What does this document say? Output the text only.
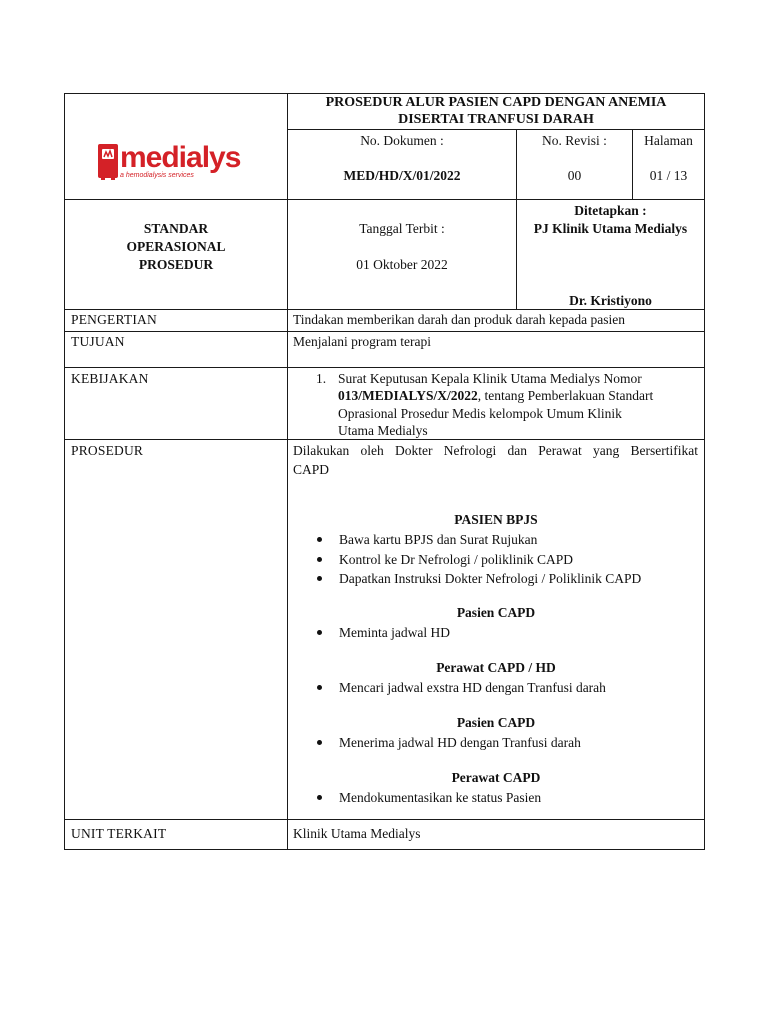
medialys
a hemodialysis services
PROSEDUR ALUR PASIEN CAPD DENGAN ANEMIA
DISERTAI TRANFUSI DARAH
No. Dokumen :
MED/HD/X/01/2022
No. Revisi :
00
Halaman
01 / 13
STANDAR
OPERASIONAL
PROSEDUR
Tanggal Terbit :
01 Oktober 2022
Ditetapkan :
PJ Klinik Utama Medialys
Dr. Kristiyono
PENGERTIAN
TUJUAN
KEBIJAKAN
PROSEDUR
UNIT TERKAIT
Tindakan memberikan darah dan produk darah kepada pasien
Menjalani program terapi
1. Surat Keputusan Kepala Klinik Utama Medialys Nomor
013/MEDIALYS/X/2022, tentang Pemberlakuan Standart
Oprasional Prosedur Medis kelompok Umum Klinik
Utama Medialys
Dilakukan oleh Dokter Nefrologi dan Perawat yang Bersertifikat
CAPD
PASIEN BPJS
Bawa kartu BPJS dan Surat Rujukan
Kontrol ke Dr Nefrologi / poliklinik CAPD
Dapatkan Instruksi Dokter Nefrologi / Poliklinik CAPD
Pasien CAPD
Meminta jadwal HD
Perawat CAPD / HD
Mencari jadwal exstra HD dengan Tranfusi darah
Pasien CAPD
Menerima jadwal HD dengan Tranfusi darah
Perawat CAPD
Mendokumentasikan ke status Pasien
Klinik Utama Medialys
